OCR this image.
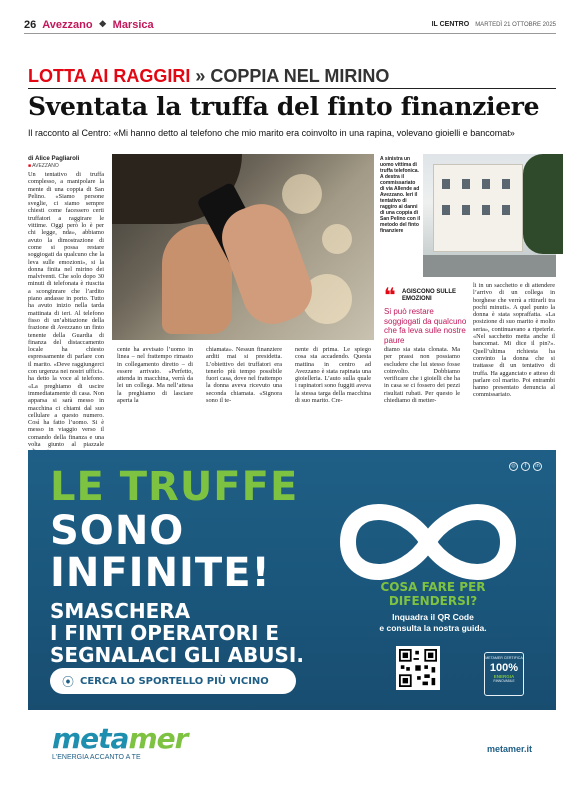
26 Avezzano ❖ Marsica	IL CENTRO MARTEDÌ 21 OTTOBRE 2025
LOTTA AI RAGGIRI » COPPIA NEL MIRINO
Sventata la truffa del finto finanziere
Il racconto al Centro: «Mi hanno detto al telefono che mio marito era coinvolto in una rapina, volevano gioielli e bancomat»
di Alice Pagliaroli
■ AVEZZANO
Un tentativo di truffa complesso, a manipolare la mente di una coppia di San Pelino. «Siamo persone sveglie, ci siamo sempre chiesti come facessero certi truffatori a raggirare le vittime. Oggi però lo è per chi legge, nda», abbiamo avuto la dimostrazione di come si possa restare soggiogati da qualcuno che la leva sulle emozioni», si la donna finita nel mirino dei malviventi. Che solo dopo 30 minuti di telefonata è riuscita a sconginrare che l’ardito piano andasse in porto. Tutto ha avuto inizio nella tarda mattinata di ieri. Al telefono fisso di un’abitazione della frazione di Avezzano un finto tenente della Guardia di finanza del distaccamento locale ha chiesto espressamente di parlare con il marito. «Deve raggiungerci con urgenza nei nostri uffici». ha detto la voce al telefono. «La preghiamo di uscire immediatamente di casa. Non apparsa si sarà messo in macchina ci chiami dal suo cellulare a questo numero. Così ha fatto l’uomo. Si è messo in viaggio verso il comando della finanza e una volta giunto al piazzale
A sinistra un uomo vittima di truffa telefonica. A destra il commissariato di via Allende ad Avezzano. Ieri il tentativo di raggiro ai danni di una coppia di San Pelino con il metodo del finto finanziere
❝ AGISCONO SULLE EMOZIONI
Si può restare soggiogati da qualcuno che fa leva sulle nostre paure
cente ha avvisato l’uomo in linea – nel frattempo rimasto in collegamento diretto – di essere arrivato. «Perfetto, attenda in macchina, verrà da lei un collega. Ma nell’attesa la preghiamo di lasciare aperta la
chiamata». Nessun finanziere arditi mai si presidetta. L’obiettivo dei truffatori era tenerlo più tempo possibile fuori casa, dove nel frattempo la donna aveva ricevuto una seconda chiamata. «Signora sono il te-
nente di prima. Le spiego cosa sta accadendo. Questa mattina in centro ad Avezzano è stata rapinata una gioielleria. L’auto sulla quale i rapinatori sono fuggiti aveva la stessa targa della macchina di suo marito. Cre-
diamo sia stata clonata. Ma per prassi non possiamo escludere che lui stesso fosse coinvolto. Dobbiamo verificare che i gioielli che ha in casa se ci fossero dei pezzi risultati rubati. Per questo le chiediamo di metter-
li in un sacchetto e di attendere l’arrivo di un collega in borghese che verrà a ritirarli tra pochi minuti». A quel punto la donna è stata sopraffatta. «La posizione di suo marito è molto seria», continuavano a ripeterle. «Nel sacchetto metta anche il bancomat. Mi dice il pin?». Quell’ultima richiesta ha convinto la donna che si trattasse di un tentativo di truffa. Ha agganciato e atteso di parlare col marito. Poi entrambi hanno presentato denuncia al commissariato.
◎	f	in
LE TRUFFE
SONO
INFINITE!
SMASCHERA
I FINTI OPERATORI E
SEGNALACI GLI ABUSI.
⦿ CERCA LO SPORTELLO PIÙ VICINO
COSA FARE PER
DIFENDERSI?
Inquadra il QR Code
e consulta la nostra guida.
METAMER CERTIFICA
100%
ENERGIA
RINNOVABILE
metamer
L'ENERGIA ACCANTO A TE
metamer.it
